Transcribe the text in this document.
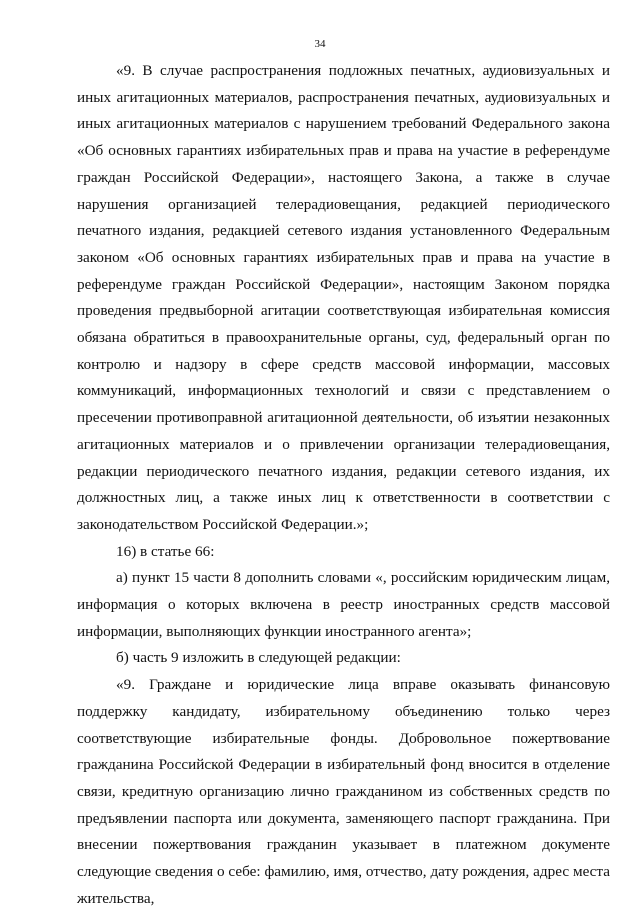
34

«9. В случае распространения подложных печатных, аудиовизуальных и иных агитационных материалов, распространения печатных, аудиовизуальных и иных агитационных материалов с нарушением требований Федерального закона «Об основных гарантиях избирательных прав и права на участие в референдуме граждан Российской Федерации», настоящего Закона, а также в случае нарушения организацией телерадиовещания, редакцией периодического печатного издания, редакцией сетевого издания установленного Федеральным законом «Об основных гарантиях избирательных прав и права на участие в референдуме граждан Российской Федерации», настоящим Законом порядка проведения предвыборной агитации соответствующая избирательная комиссия обязана обратиться в правоохранительные органы, суд, федеральный орган по контролю и надзору в сфере средств массовой информации, массовых коммуникаций, информационных технологий и связи с представлением о пресечении противоправной агитационной деятельности, об изъятии незаконных агитационных материалов и о привлечении организации телерадиовещания, редакции периодического печатного издания, редакции сетевого издания, их должностных лиц, а также иных лиц к ответственности в соответствии с законодательством Российской Федерации.»;

16) в статье 66:

а) пункт 15 части 8 дополнить словами «, российским юридическим лицам, информация о которых включена в реестр иностранных средств массовой информации, выполняющих функции иностранного агента»;

б) часть 9 изложить в следующей редакции:

«9. Граждане и юридические лица вправе оказывать финансовую поддержку кандидату, избирательному объединению только через соответствующие избирательные фонды. Добровольное пожертвование гражданина Российской Федерации в избирательный фонд вносится в отделение связи, кредитную организацию лично гражданином из собственных средств по предъявлении паспорта или документа, заменяющего паспорт гражданина. При внесении пожертвования гражданин указывает в платежном документе следующие сведения о себе: фамилию, имя, отчество, дату рождения, адрес места жительства,
